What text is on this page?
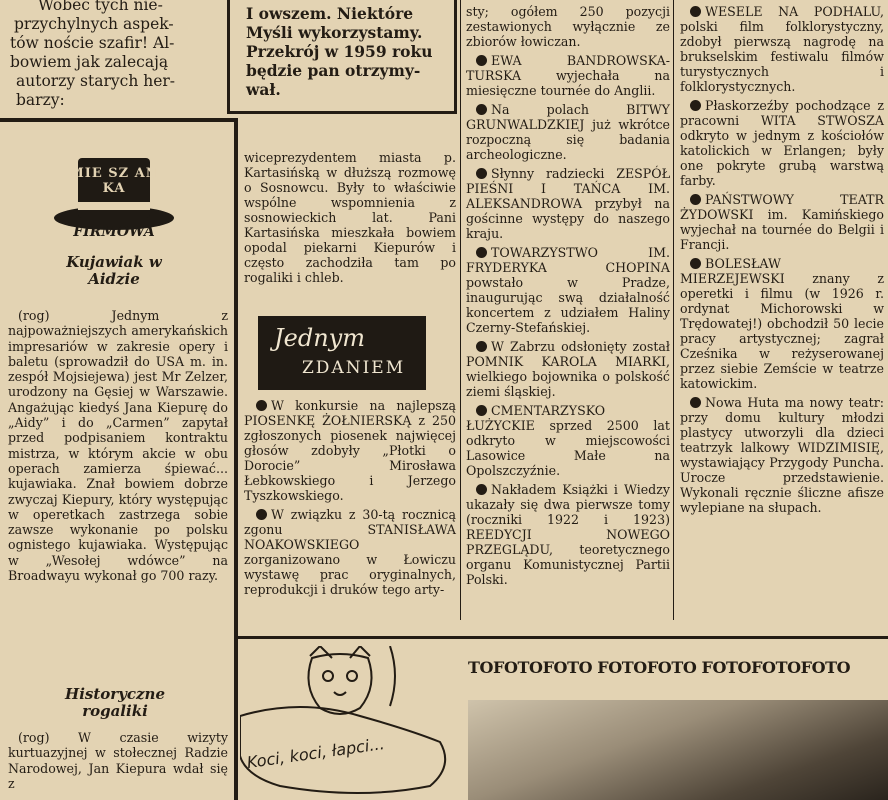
Wobec tych nie-
przychylnych aspek-
tów noście szafir! Al-
bowiem jak zalecają
autorzy starych her-
barzy:
I owszem. Niektóre
Myśli wykorzystamy.
Przekrój w 1959 roku
będzie pan otrzymy-
wał.
MIE SZ AN KA
FIRMOWA
Kujawiak w Aidzie

(rog) Jednym z najpoważniejszych amerykańskich impresariów w zakresie opery i baletu (sprowadził do USA m. in. zespół Mojsiejewa) jest Mr Zelzer, urodzony na Gęsiej w Warszawie. Angażując kiedyś Jana Kiepurę do „Aidy” i do „Carmen” zapytał przed podpisaniem kontraktu mistrza, w którym akcie w obu operach zamierza śpiewać... kujawiaka. Znał bowiem dobrze zwyczaj Kiepury, który występując w operetkach zastrzega sobie zawsze wykonanie po polsku ognistego kujawiaka. Występując w „Wesołej wdówce” na Broadwayu wykonał go 700 razy.

Historyczne rogaliki

(rog) W czasie wizyty kurtuazyjnej w stołecznej Radzie Narodowej, Jan Kiepura wdał się z

wiceprezydentem miasta p. Kartasińską w dłuższą rozmowę o Sosnowcu. Były to właściwie wspólne wspomnienia z sosnowieckich lat. Pani Kartasińska mieszkała bowiem opodal piekarni Kiepurów i często zachodziła tam po rogaliki i chleb.

Jednym
ZDANIEM

W konkursie na najlepszą PIOSENKĘ ŻOŁNIERSKĄ z 250 zgłoszonych piosenek najwięcej głosów zdobyły „Płotki o Dorocie” Mirosława Łebkowskiego i Jerzego Tyszkowskiego.

W związku z 30-tą rocznicą zgonu STANISŁAWA NOAKOWSKIEGO zorganizowano w Łowiczu wystawę prac oryginalnych, reprodukcji i druków tego arty-

Koci, koci, łapci...

sty; ogółem 250 pozycji zestawionych wyłącznie ze zbiorów łowiczan.

EWA BANDROWSKA-TURSKA wyjechała na miesięczne tournée do Anglii.

Na polach BITWY GRUNWALDZKIEJ już wkrótce rozpoczną się badania archeologiczne.

Słynny radziecki ZESPÓŁ PIEŚNI I TAŃCA IM. ALEKSANDROWA przybył na gościnne występy do naszego kraju.

TOWARZYSTWO IM. FRYDERYKA CHOPINA powstało w Pradze, inaugurując swą działalność koncertem z udziałem Haliny Czerny-Stefańskiej.

W Zabrzu odsłonięty został POMNIK KAROLA MIARKI, wielkiego bojownika o polskość ziemi śląskiej.

CMENTARZYSKO ŁUŻYCKIE sprzed 2500 lat odkryto w miejscowości Lasowice Małe na Opolszczyźnie.

Nakładem Książki i Wiedzy ukazały się dwa pierwsze tomy (roczniki 1922 i 1923) REEDYCJI NOWEGO PRZEGLĄDU, teoretycznego organu Komunistycznej Partii Polski.

WESELE NA PODHALU, polski film folklorystyczny, zdobył pierwszą nagrodę na brukselskim festiwalu filmów turystycznych i folklorystycznych.

Płaskorzeźby pochodzące z pracowni WITA STWOSZA odkryto w jednym z kościołów katolickich w Erlangen; były one pokryte grubą warstwą farby.

PAŃSTWOWY TEATR ŻYDOWSKI im. Kamińskiego wyjechał na tournée do Belgii i Francji.

BOLESŁAW MIERZEJEWSKI znany z operetki i filmu (w 1926 r. ordynat Michorowski w Trędowatej!) obchodził 50 lecie pracy artystycznej; zagrał Cześnika w reżyserowanej przez siebie Zemście w teatrze katowickim.

Nowa Huta ma nowy teatr: przy domu kultury młodzi plastycy utworzyli dla dzieci teatrzyk lalkowy WIDZIMISIĘ, wystawiający Przygody Puncha. Urocze przedstawienie. Wykonali ręcznie śliczne afisze wylepiane na słupach.

TOFOTOFOTO FOTOFOTO FOTOFOTOFOTO
